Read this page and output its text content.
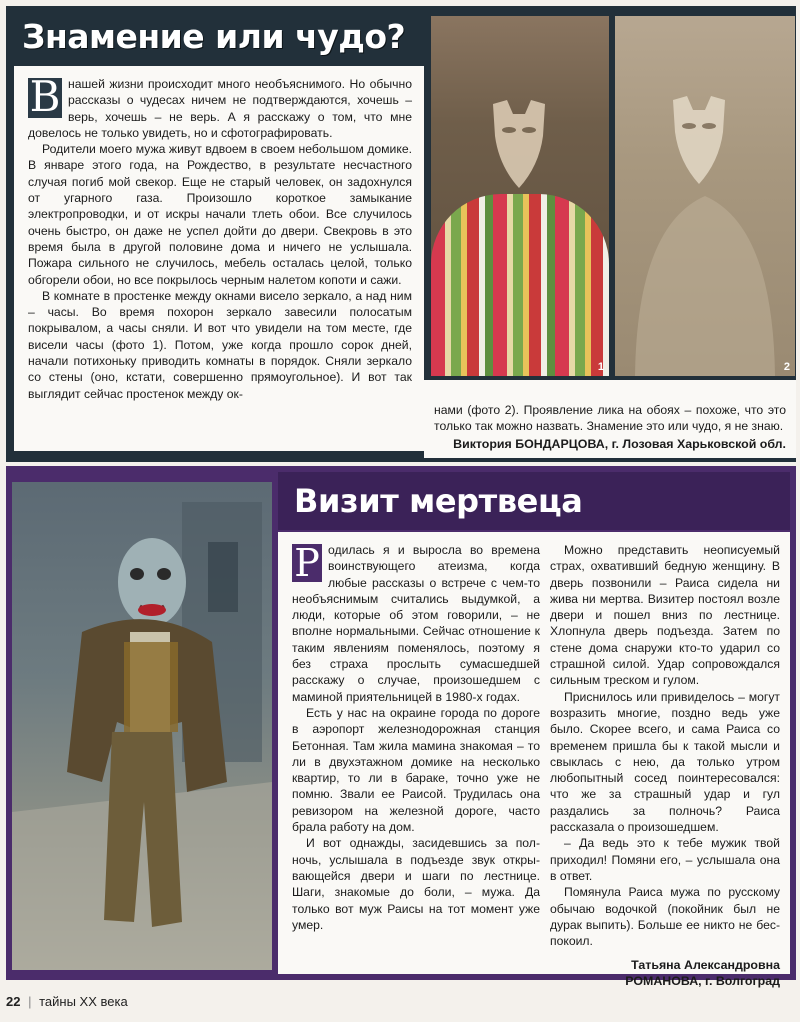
Знамение или чудо?

В нашей жизни происходит много необъяснимого. Но обычно рассказы о чудесах ничем не подтверждаются, хочешь – верь, хочешь – не верь. А я расскажу о том, что мне довелось не только увидеть, но и сфотографировать.

Родители моего мужа живут вдвоем в своем небольшом домике. В январе этого года, на Рождество, в результате несчастного случая погиб мой свекор. Еще не старый человек, он задохнулся от угарного газа. Произошло короткое замыкание электропроводки, и от искры начали тлеть обои. Все случилось очень быстро, он даже не успел дойти до двери. Свекровь в это время была в другой половине дома и ничего не услышала. Пожара сильного не случилось, мебель осталась целой, только обгорели обои, но все покрылось черным налетом копоти и сажи.

В комнате в простенке между окнами висело зеркало, а над ним – часы. Во время похорон зеркало завесили полосатым покрывалом, а часы сняли. И вот что увидели на том месте, где висели часы (фото 1). Потом, уже когда прошло сорок дней, начали потихоньку приводить комнаты в порядок. Сняли зеркало со стены (оно, кстати, совершенно прямоугольное). И вот так выглядит сейчас простенок между ок-

1	2

нами (фото 2). Проявление лика на обоях – похоже, что это только так можно назвать. Знамение это или чудо, я не знаю.

Виктория БОНДАРЦОВА, г. Лозовая Харьковской обл.
Визит мертвеца

Р одилась я и выросла во времена воинствующего атеизма, когда любые рассказы о встрече с чем-то необъяснимым считались выдумкой, а люди, которые об этом говорили, – не вполне нормальными. Сейчас отношение к таким явлениям поменялось, поэтому я без страха прослыть сумасшедшей расскажу о случае, произошедшем с маминой приятельницей в 1980-х годах.

Есть у нас на окраине города по дороге в аэропорт железнодорожная станция Бетонная. Там жила мамина знакомая – то ли в двухэтажном домике на несколько квартир, то ли в бараке, точно уже не помню. Звали ее Раисой. Трудилась она ревизором на железной дороге, часто брала работу на дом.

И вот однажды, засидевшись за полночь, услышала в подъезде звук открывающейся двери и шаги по лестнице. Шаги, знакомые до боли, – мужа. Да только вот муж Раисы на тот момент уже умер.

Можно представить неописуемый страх, охвативший бедную женщину. В дверь позвонили – Раиса сидела ни жива ни мертва. Визитер постоял возле двери и пошел вниз по лестнице. Хлопнула дверь подъезда. Затем по стене дома снаружи кто-то ударил со страшной силой. Удар сопровождался сильным треском и гулом.

Приснилось или привиделось – могут возразить многие, поздно ведь уже было. Скорее всего, и сама Раиса со временем пришла бы к такой мысли и свыклась с нею, да только утром любопытный сосед поинтересовался: что же за страшный удар и гул раздались за полночь? Раиса рассказала о произошедшем.

– Да ведь это к тебе мужик твой приходил! Помяни его, – услышала она в ответ.

Помянула Раиса мужа по русскому обычаю водочкой (покойник был не дурак выпить). Больше ее никто не беспокоил.

Татьяна Александровна
РОМАНОВА, г. Волгоград
22 | тайны XX века
